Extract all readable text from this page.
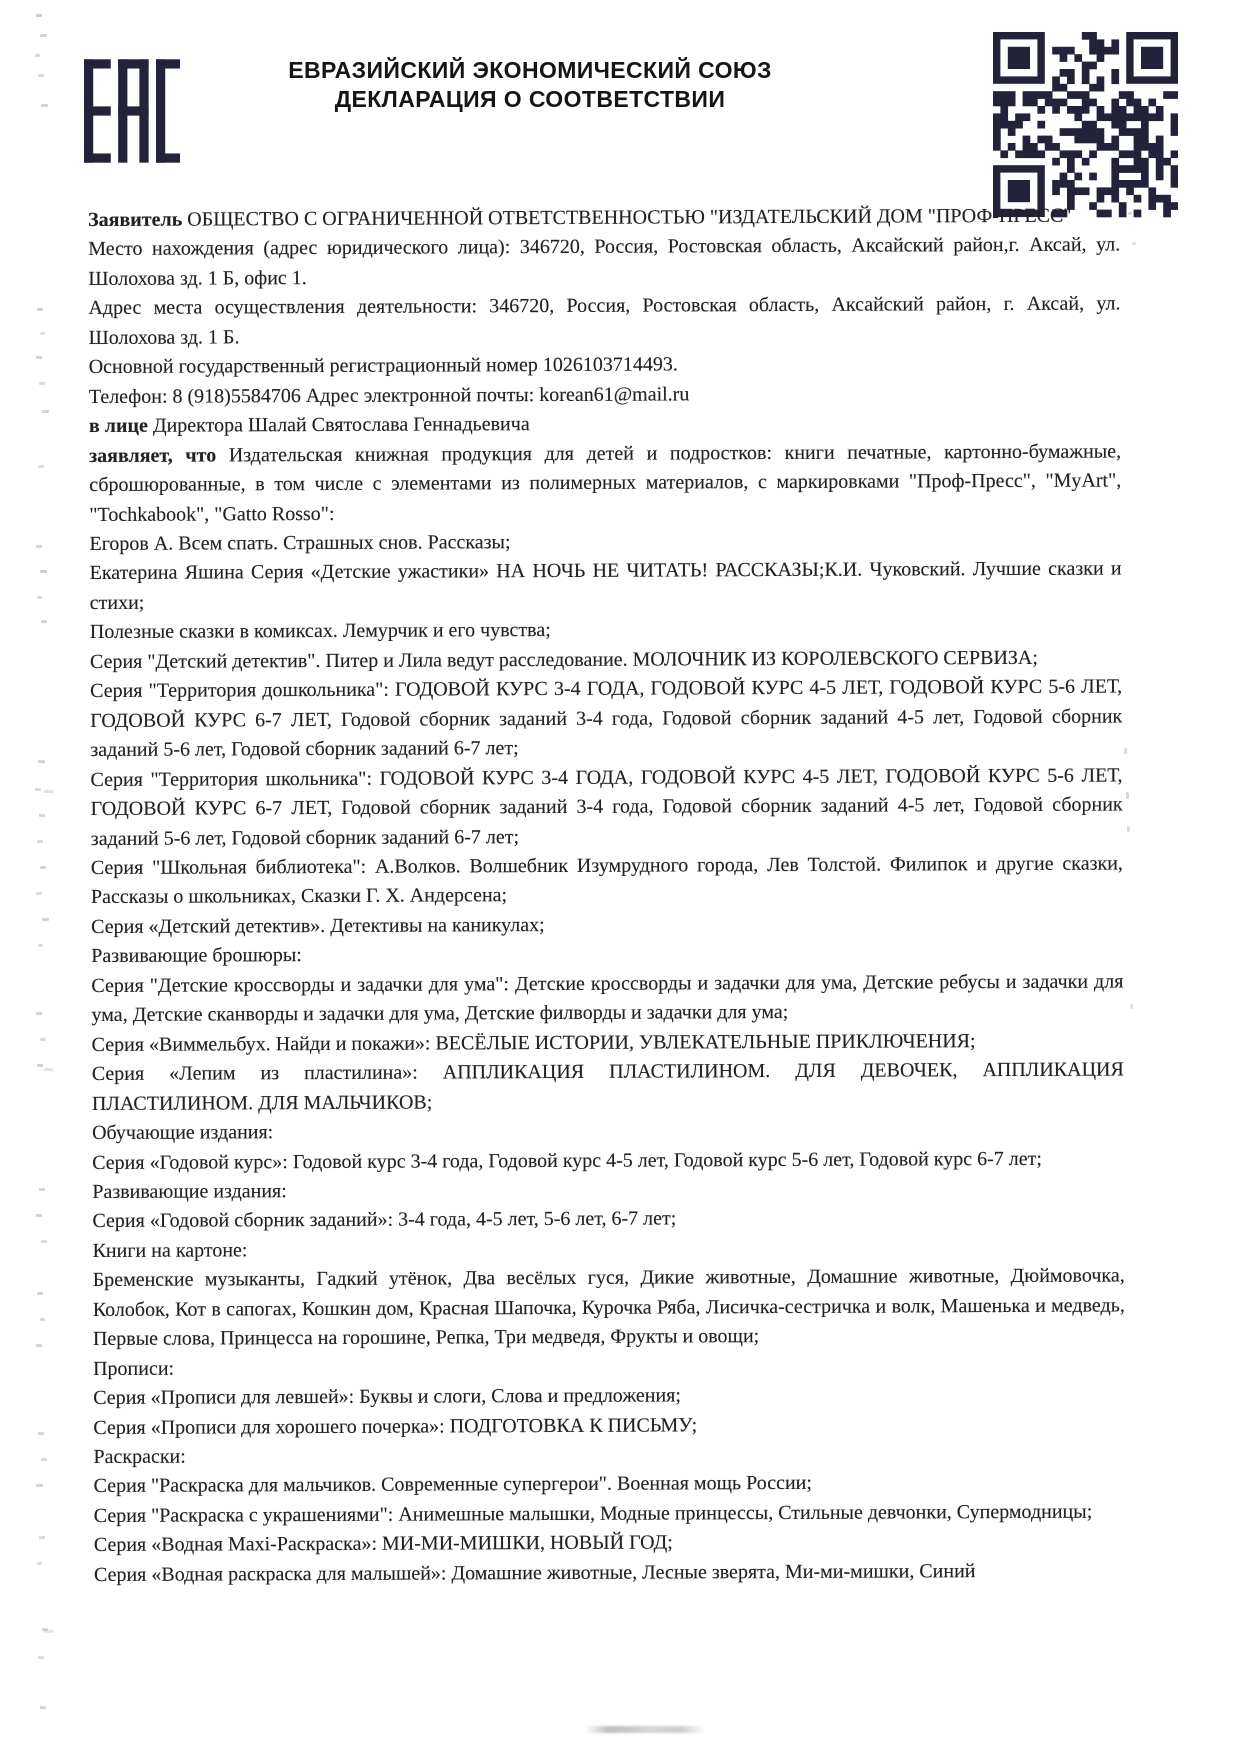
ЕВРАЗИЙСКИЙ ЭКОНОМИЧЕСКИЙ СОЮЗ
ДЕКЛАРАЦИЯ О СООТВЕТСТВИИ

Заявитель ОБЩЕСТВО С ОГРАНИЧЕННОЙ ОТВЕТСТВЕННОСТЬЮ "ИЗДАТЕЛЬСКИЙ ДОМ "ПРОФ-ПРЕСС"

Место нахождения (адрес юридического лица): 346720, Россия, Ростовская область, Аксайский район,г. Аксай, ул. Шолохова зд. 1 Б, офис 1.

Адрес места осуществления деятельности: 346720, Россия, Ростовская область, Аксайский район, г. Аксай, ул. Шолохова зд. 1 Б.

Основной государственный регистрационный номер 1026103714493.

Телефон: 8 (918)5584706 Адрес электронной почты: korean61@mail.ru

в лице Директора Шалай Святослава Геннадьевича

заявляет, что Издательская книжная продукция для детей и подростков: книги печатные, картонно-бумажные, сброшюрованные, в том числе с элементами из полимерных материалов, с маркировками "Проф-Пресс", "MyArt", "Tochkabook", "Gatto Rosso":

Егоров А. Всем спать. Страшных снов. Рассказы;

Екатерина Яшина Серия «Детские ужастики» НА НОЧЬ НЕ ЧИТАТЬ! РАССКАЗЫ;К.И. Чуковский. Лучшие сказки и стихи;

Полезные сказки в комиксах. Лемурчик и его чувства;

Серия "Детский детектив". Питер и Лила ведут расследование. МОЛОЧНИК ИЗ КОРОЛЕВСКОГО СЕРВИЗА;

Серия "Территория дошкольника": ГОДОВОЙ КУРС 3-4 ГОДА, ГОДОВОЙ КУРС 4-5 ЛЕТ, ГОДОВОЙ КУРС 5-6 ЛЕТ, ГОДОВОЙ КУРС 6-7 ЛЕТ, Годовой сборник заданий 3-4 года, Годовой сборник заданий 4-5 лет, Годовой сборник заданий 5-6 лет, Годовой сборник заданий 6-7 лет;

Серия "Территория школьника": ГОДОВОЙ КУРС 3-4 ГОДА, ГОДОВОЙ КУРС 4-5 ЛЕТ, ГОДОВОЙ КУРС 5-6 ЛЕТ, ГОДОВОЙ КУРС 6-7 ЛЕТ, Годовой сборник заданий 3-4 года, Годовой сборник заданий 4-5 лет, Годовой сборник заданий 5-6 лет, Годовой сборник заданий 6-7 лет;

Серия "Школьная библиотека": А.Волков. Волшебник Изумрудного города, Лев Толстой. Филипок и другие сказки, Рассказы о школьниках, Сказки Г. Х. Андерсена;

Серия «Детский детектив». Детективы на каникулах;

Развивающие брошюры:

Серия "Детские кроссворды и задачки для ума": Детские кроссворды и задачки для ума, Детские ребусы и задачки для ума, Детские сканворды и задачки для ума, Детские филворды и задачки для ума;

Серия «Виммельбух. Найди и покажи»: ВЕСЁЛЫЕ ИСТОРИИ, УВЛЕКАТЕЛЬНЫЕ ПРИКЛЮЧЕНИЯ;

Серия «Лепим из пластилина»: АППЛИКАЦИЯ ПЛАСТИЛИНОМ. ДЛЯ ДЕВОЧЕК, АППЛИКАЦИЯ ПЛАСТИЛИНОМ. ДЛЯ МАЛЬЧИКОВ;

Обучающие издания:

Серия «Годовой курс»: Годовой курс 3-4 года, Годовой курс 4-5 лет, Годовой курс 5-6 лет, Годовой курс 6-7 лет;

Развивающие издания:

Серия «Годовой сборник заданий»: 3-4 года, 4-5 лет, 5-6 лет, 6-7 лет;

Книги на картоне:

Бременские музыканты, Гадкий утёнок, Два весёлых гуся, Дикие животные, Домашние животные, Дюймовочка, Колобок, Кот в сапогах, Кошкин дом, Красная Шапочка, Курочка Ряба, Лисичка-сестричка и волк, Машенька и медведь, Первые слова, Принцесса на горошине, Репка, Три медведя, Фрукты и овощи;

Прописи:

Серия «Прописи для левшей»: Буквы и слоги, Слова и предложения;

Серия «Прописи для хорошего почерка»: ПОДГОТОВКА К ПИСЬМУ;

Раскраски:

Серия "Раскраска для мальчиков. Современные супергерои". Военная мощь России;

Серия "Раскраска с украшениями": Анимешные малышки, Модные принцессы, Стильные девчонки, Супермодницы;

Серия «Водная Maxi-Раскраска»: МИ-МИ-МИШКИ, НОВЫЙ ГОД;

Серия «Водная раскраска для малышей»: Домашние животные, Лесные зверята, Ми-ми-мишки, Синий
